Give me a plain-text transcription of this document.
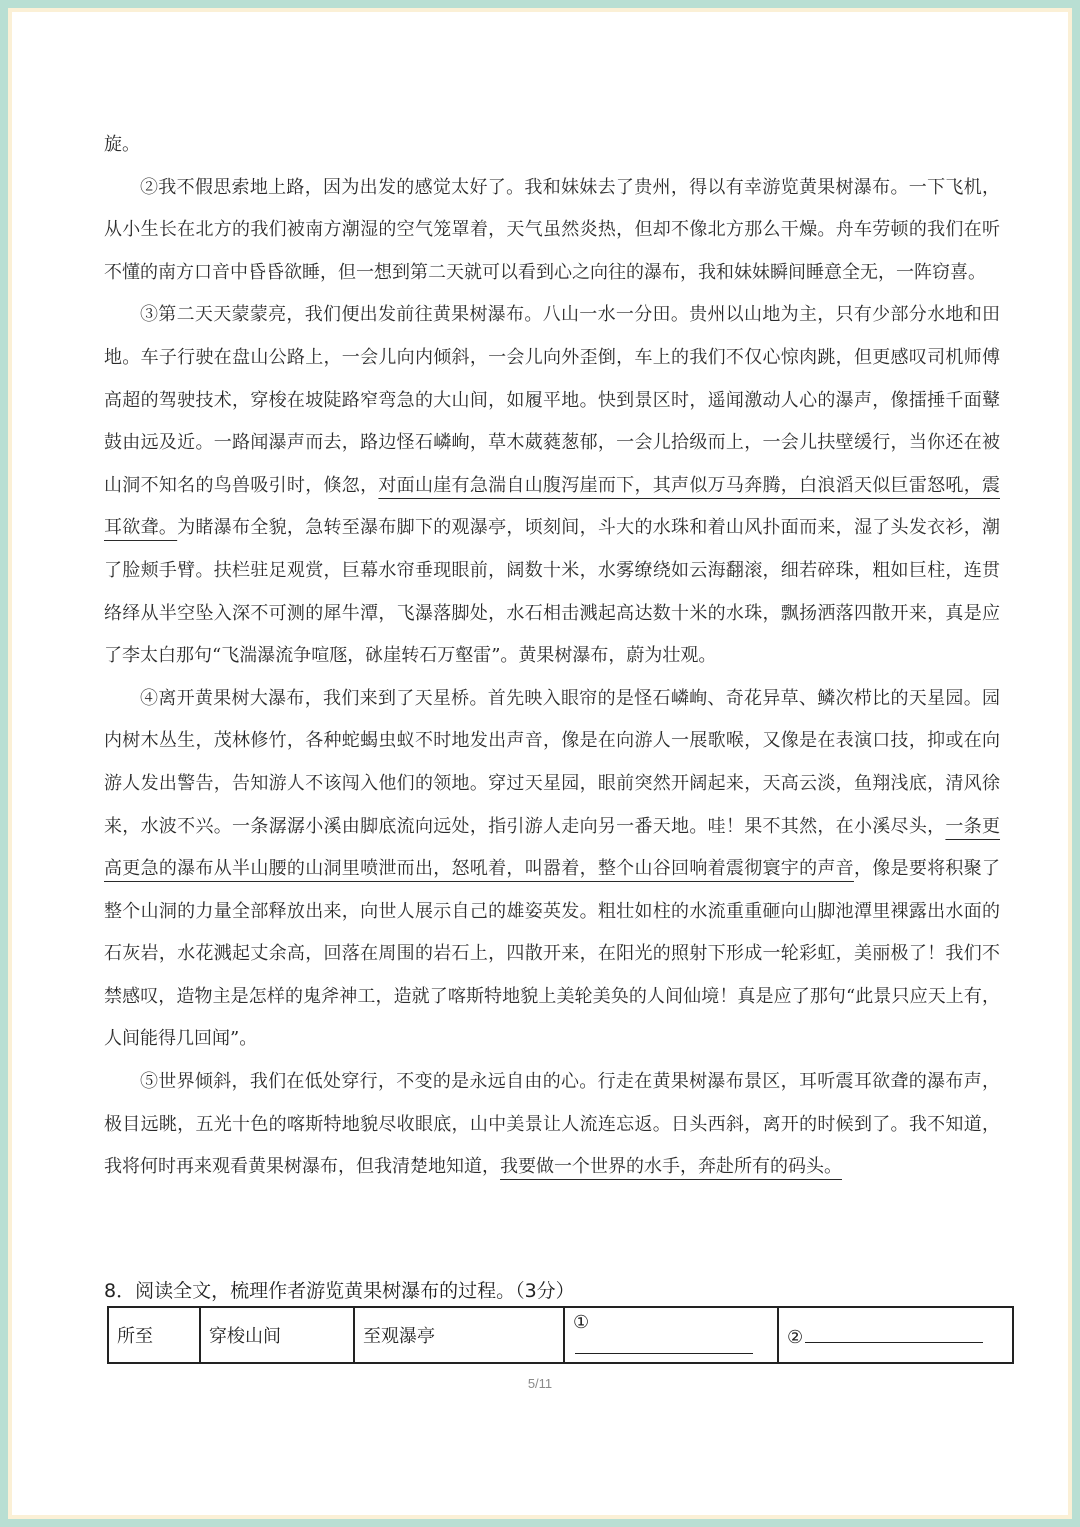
旋。

②我不假思索地上路，因为出发的感觉太好了。我和妹妹去了贵州，得以有幸游览黄果树瀑布。一下飞机，从小生长在北方的我们被南方潮湿的空气笼罩着，天气虽然炎热，但却不像北方那么干燥。舟车劳顿的我们在听不懂的南方口音中昏昏欲睡，但一想到第二天就可以看到心之向往的瀑布，我和妹妹瞬间睡意全无，一阵窃喜。

③第二天天蒙蒙亮，我们便出发前往黄果树瀑布。八山一水一分田。贵州以山地为主，只有少部分水地和田地。车子行驶在盘山公路上，一会儿向内倾斜，一会儿向外歪倒，车上的我们不仅心惊肉跳，但更感叹司机师傅高超的驾驶技术，穿梭在坡陡路窄弯急的大山间，如履平地。快到景区时，遥闻激动人心的瀑声，像擂捶千面鼙鼓由远及近。一路闻瀑声而去，路边怪石嶙峋，草木葳蕤葱郁，一会儿拾级而上，一会儿扶壁缓行，当你还在被山洞不知名的鸟兽吸引时，倏忽，对面山崖有急湍自山腹泻崖而下，其声似万马奔腾，白浪滔天似巨雷怒吼，震耳欲聋。为睹瀑布全貌，急转至瀑布脚下的观瀑亭，顷刻间，斗大的水珠和着山风扑面而来，湿了头发衣衫，潮了脸颊手臂。扶栏驻足观赏，巨幕水帘垂现眼前，阔数十米，水雾缭绕如云海翻滚，细若碎珠，粗如巨柱，连贯络绎从半空坠入深不可测的犀牛潭，飞瀑落脚处，水石相击溅起高达数十米的水珠，飘扬洒落四散开来，真是应了李太白那句“飞湍瀑流争喧豗，砯崖转石万壑雷”。黄果树瀑布，蔚为壮观。

④离开黄果树大瀑布，我们来到了天星桥。首先映入眼帘的是怪石嶙峋、奇花异草、鳞次栉比的天星园。园内树木丛生，茂林修竹，各种蛇蝎虫蚁不时地发出声音，像是在向游人一展歌喉，又像是在表演口技，抑或在向游人发出警告，告知游人不该闯入他们的领地。穿过天星园，眼前突然开阔起来，天高云淡，鱼翔浅底，清风徐来，水波不兴。一条潺潺小溪由脚底流向远处，指引游人走向另一番天地。哇！果不其然，在小溪尽头，一条更高更急的瀑布从半山腰的山洞里喷泄而出，怒吼着，叫嚣着，整个山谷回响着震彻寰宇的声音，像是要将积聚了整个山洞的力量全部释放出来，向世人展示自己的雄姿英发。粗壮如柱的水流重重砸向山脚池潭里裸露出水面的石灰岩，水花溅起丈余高，回落在周围的岩石上，四散开来，在阳光的照射下形成一轮彩虹，美丽极了！我们不禁感叹，造物主是怎样的鬼斧神工，造就了喀斯特地貌上美轮美奂的人间仙境！真是应了那句“此景只应天上有，人间能得几回闻”。

⑤世界倾斜，我们在低处穿行，不变的是永远自由的心。行走在黄果树瀑布景区，耳听震耳欲聋的瀑布声，极目远眺，五光十色的喀斯特地貌尽收眼底，山中美景让人流连忘返。日头西斜，离开的时候到了。我不知道，我将何时再来观看黄果树瀑布，但我清楚地知道，我要做一个世界的水手，奔赴所有的码头。

8．阅读全文，梳理作者游览黄果树瀑布的过程。（3分）
所至	穿梭山间	至观瀑亭	①	②
5/11
